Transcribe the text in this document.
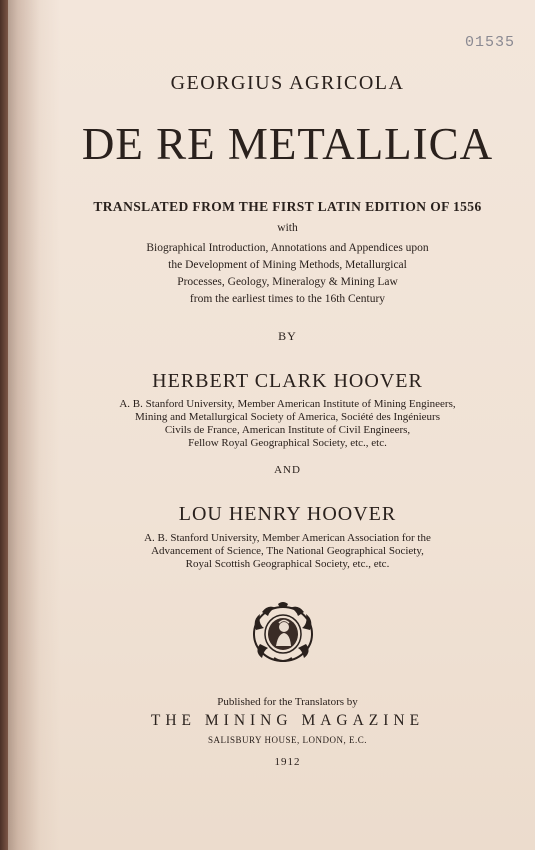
01535
GEORGIUS AGRICOLA
DE RE METALLICA
TRANSLATED FROM THE FIRST LATIN EDITION OF 1556
with
Biographical Introduction, Annotations and Appendices upon
the Development of Mining Methods, Metallurgical
Processes, Geology, Mineralogy & Mining Law
from the earliest times to the 16th Century
BY
HERBERT CLARK HOOVER
A. B. Stanford University, Member American Institute of Mining Engineers,
Mining and Metallurgical Society of America, Société des Ingénieurs
Civils de France, American Institute of Civil Engineers,
Fellow Royal Geographical Society, etc., etc.
AND
LOU HENRY HOOVER
A. B. Stanford University, Member American Association for the
Advancement of Science, The National Geographical Society,
Royal Scottish Geographical Society, etc., etc.
Published for the Translators by
THE MINING MAGAZINE
SALISBURY HOUSE, LONDON, E.C.
1912
